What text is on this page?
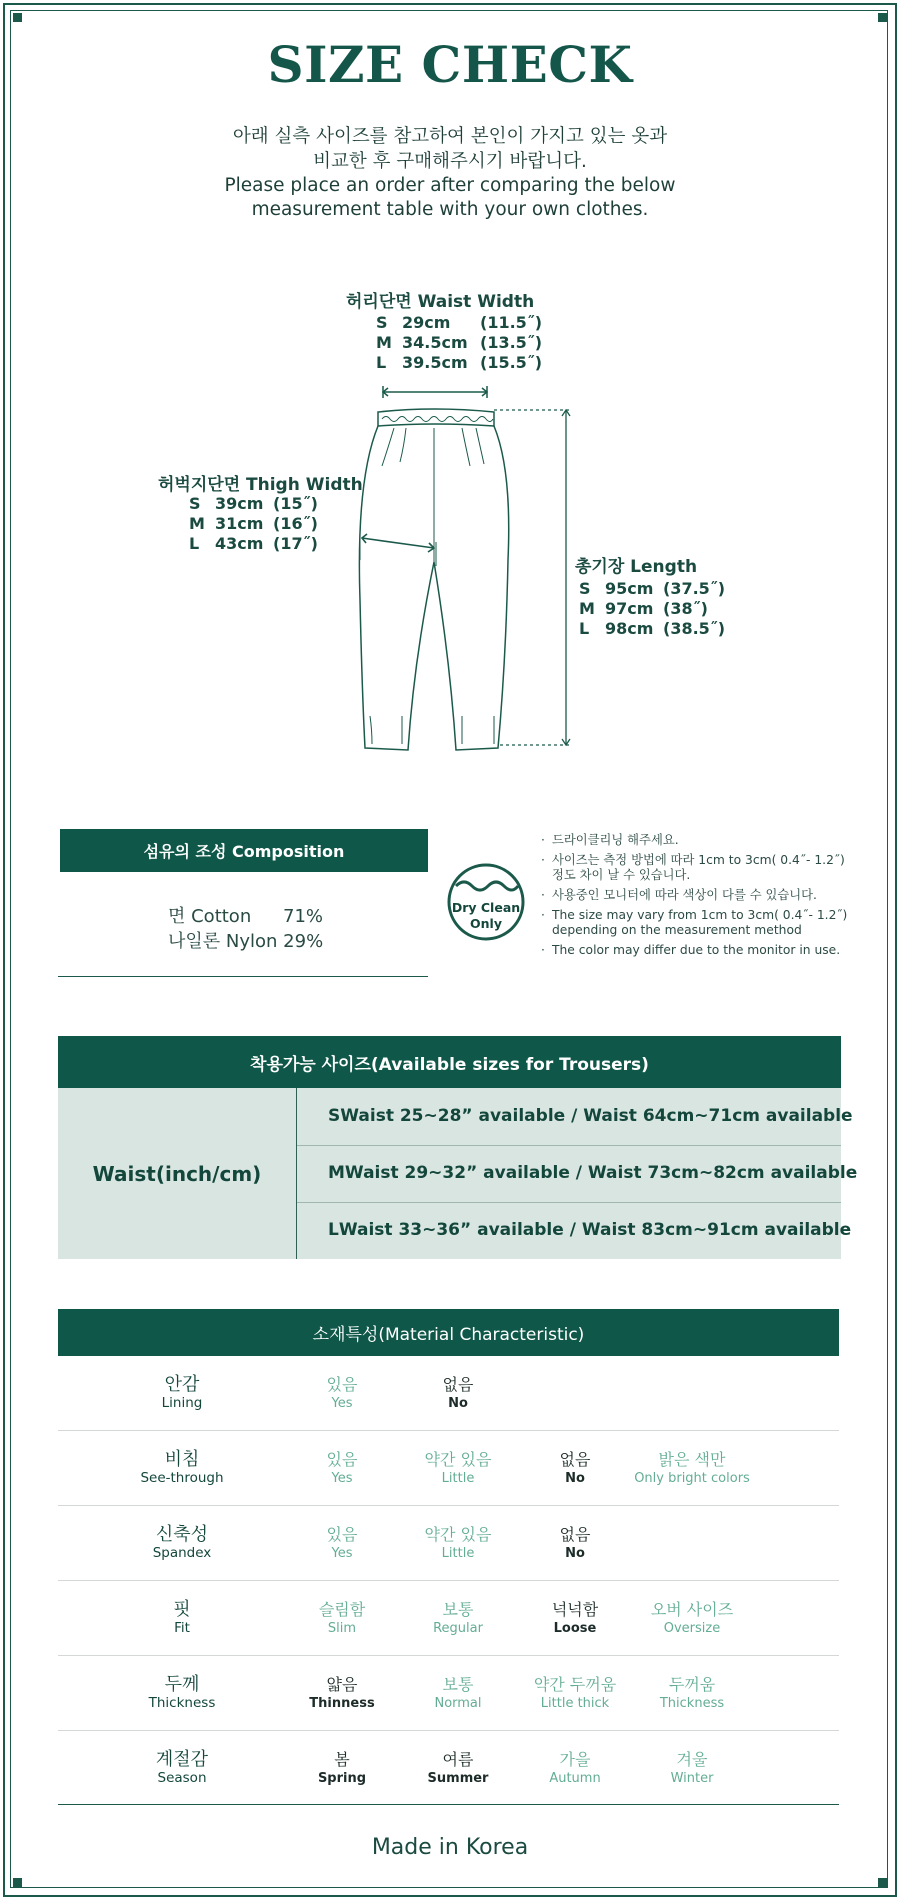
SIZE CHECK
아래 실측 사이즈를 참고하여 본인이 가지고 있는 옷과
비교한 후 구매해주시기 바랍니다.
Please place an order after comparing the below
measurement table with your own clothes.
허리단면 Waist Width
S 29cm (11.5˝)
M 34.5cm (13.5˝)
L 39.5cm (15.5˝)
허벅지단면 Thigh Width
S 39cm (15˝)
M 31cm (16˝)
L 43cm (17˝)
총기장 Length
S 95cm (37.5˝)
M 97cm (38˝)
L 98cm (38.5˝)
섬유의 조성 Composition
면 Cotton 71%
나일론 Nylon 29%
Dry Clean
Only
· 드라이클리닝 해주세요.
· 사이즈는 측정 방법에 따라 1cm to 3cm( 0.4˝- 1.2˝) 정도 차이 날 수 있습니다.
· 사용중인 모니터에 따라 색상이 다를 수 있습니다.
· The size may vary from 1cm to 3cm( 0.4˝- 1.2˝) depending on the measurement method
· The color may differ due to the monitor in use.
착용가능 사이즈(Available sizes for Trousers)
Waist(inch/cm)
S Waist 25~28” available / Waist 64cm~71cm available
M Waist 29~32” available / Waist 73cm~82cm available
L Waist 33~36” available / Waist 83cm~91cm available
소재특성(Material Characteristic)
안감
Lining
있음
Yes
없음
No
비침
See-through
있음
Yes
약간 있음
Little
없음
No
밝은 색만
Only bright colors
신축성
Spandex
있음
Yes
약간 있음
Little
없음
No
핏
Fit
슬림함
Slim
보통
Regular
넉넉함
Loose
오버 사이즈
Oversize
두께
Thickness
얇음
Thinness
보통
Normal
약간 두꺼움
Little thick
두꺼움
Thickness
계절감
Season
봄
Spring
여름
Summer
가을
Autumn
겨울
Winter
Made in Korea
